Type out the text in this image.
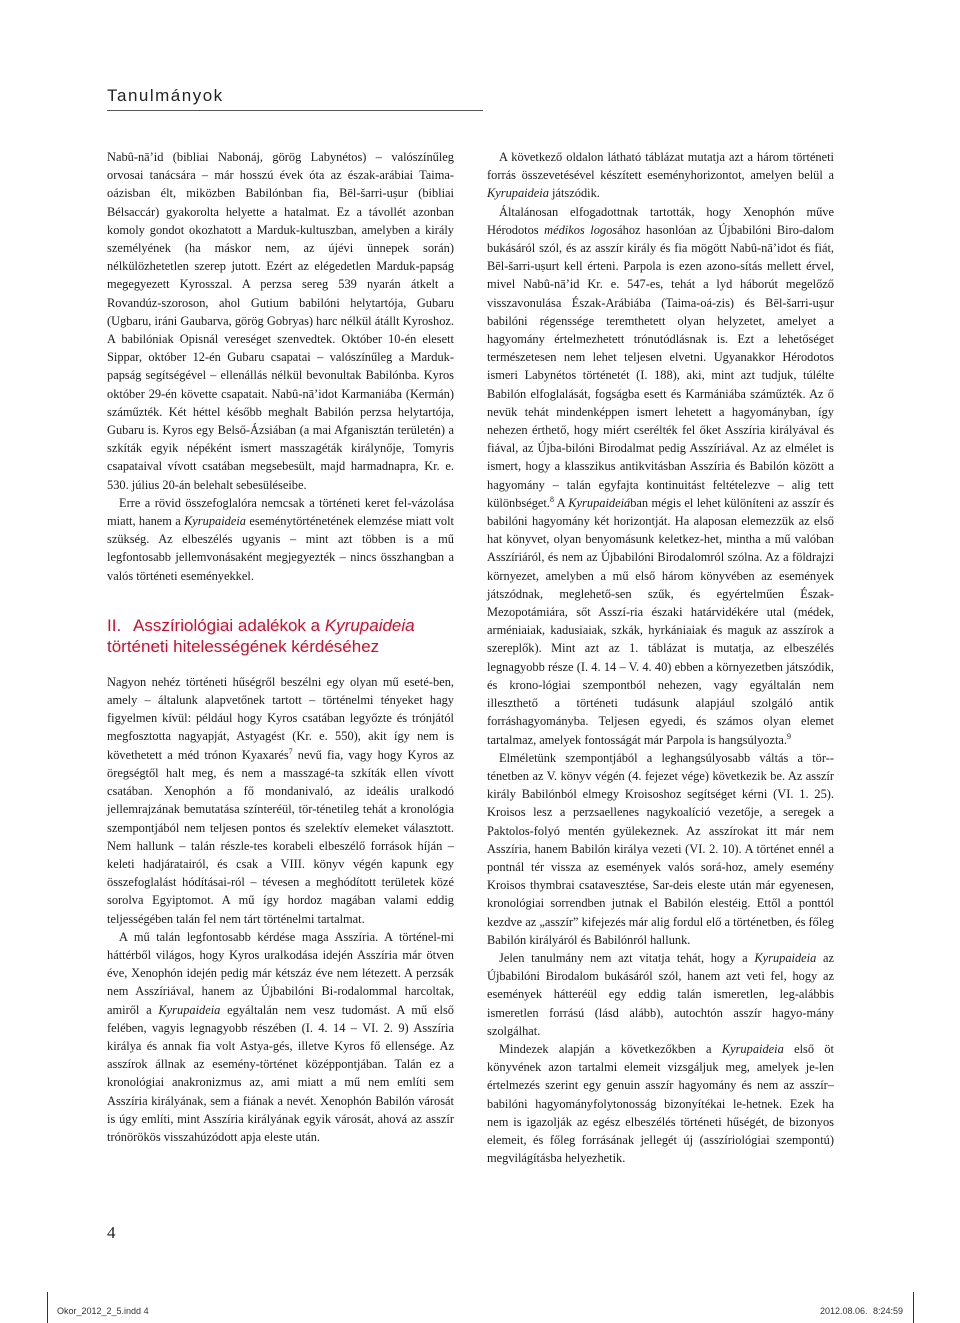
Tanulmányok

Nabû-nā’id (bibliai Nabonáj, görög Labynétos) – valószínűleg orvosai tanácsára – már hosszú évek óta az észak-arábiai Taima-oázisban élt, miközben Babilónban fia, Bēl-šarri-uṣur (bibliai Bélsaccár) gyakorolta helyette a hatalmat. Ez a távollét azonban komoly gondot okozhatott a Marduk-kultuszban, amelyben a király személyének (ha máskor nem, az újévi ünnepek során) nélkülözhetetlen szerep jutott. Ezért az elégedetlen Marduk-papság megegyezett Kyrosszal. A perzsa sereg 539 nyarán átkelt a Rovandúz-szoroson, ahol Gutium babilóni helytartója, Gubaru (Ugbaru, iráni Gaubarva, görög Gobryas) harc nélkül átállt Kyroshoz. A babilóniak Opisnál vereséget szenvedtek. Október 10-én elesett Sippar, október 12-én Gubaru csapatai – valószínűleg a Marduk-papság segítségével – ellenállás nélkül bevonultak Babilónba. Kyros október 29-én követte csapatait. Nabû-nā’idot Karmaniába (Kermán) száműzték. Két héttel később meghalt Babilón perzsa helytartója, Gubaru is. Kyros egy Belső-Ázsiában (a mai Afganisztán területén) a szkíták egyik népéként ismert masszagéták királynője, Tomyris csapataival vívott csatában megsebesült, majd harmadnapra, Kr. e. 530. július 20-án belehalt sebesüléseibe.

Erre a rövid összefoglalóra nemcsak a történeti keret fel-vázolása miatt, hanem a Kyrupaideia eseménytörténetének elemzése miatt volt szükség. Az elbeszélés ugyanis – mint azt többen is a mű legfontosabb jellemvonásaként megjegyezték – nincs összhangban a valós történeti eseményekkel.

II. Asszíriológiai adalékok a Kyrupaideia
történeti hitelességének kérdéséhez

Nagyon nehéz történeti hűségről beszélni egy olyan mű eseté-ben, amely – általunk alapvetőnek tartott – történelmi tényeket hagy figyelmen kívül: például hogy Kyros csatában legyőzte és trónjától megfosztotta nagyapját, Astyagést (Kr. e. 550), akit így nem is követhetett a méd trónon Kyaxarés$^7$ nevű fia, vagy hogy Kyros az öregségtől halt meg, és nem a masszagé-ta szkíták ellen vívott csatában. Xenophón a fő mondanivaló, az ideális uralkodó jellemrajzának bemutatása színteréül, tör-ténetileg tehát a kronológia szempontjából nem teljesen pontos és szelektív elemeket választott. Nem hallunk – talán részle-tes korabeli elbeszélő források híján – keleti hadjáratairól, és csak a VIII. könyv végén kapunk egy összefoglalást hódításai-ról – tévesen a meghódított területek közé sorolva Egyiptomot. A mű így hordoz magában valami eddig teljességében talán fel nem tárt történelmi tartalmat.

A mű talán legfontosabb kérdése maga Asszíria. A történel-mi háttérből világos, hogy Kyros uralkodása idején Asszíria már ötven éve, Xenophón idején pedig már kétszáz éve nem létezett. A perzsák nem Asszíriával, hanem az Újbabilóni Bi-rodalommal harcoltak, amiről a Kyrupaideia egyáltalán nem vesz tudomást. A mű első felében, vagyis legnagyobb részében (I. 4. 14 – VI. 2. 9) Asszíria királya és annak fia volt Astya-gés, illetve Kyros fő ellensége. Az asszírok állnak az esemény-történet középpontjában. Talán ez a kronológiai anakronizmus az, ami miatt a mű nem említi sem Asszíria királyának, sem a fiának a nevét. Xenophón Babilón városát is úgy említi, mint Asszíria királyának egyik városát, ahová az asszír trónörökös visszahúzódott apja eleste után.

A következő oldalon látható táblázat mutatja azt a három történeti forrás összevetésével készített eseményhorizontot, amelyen belül a Kyrupaideia játszódik.

Általánosan elfogadottnak tartották, hogy Xenophón műve Hérodotos médikos logosához hasonlóan az Újbabilóni Biro-dalom bukásáról szól, és az asszír király és fia mögött Nabû-nā’idot és fiát, Bēl-šarri-uṣurt kell érteni. Parpola is ezen azono-sítás mellett érvel, mivel Nabû-nā’id Kr. e. 547-es, tehát a lyd háborút megelőző visszavonulása Észak-Arábiába (Taima-oá-zis) és Bēl-šarri-uṣur babilóni régenssége teremthetett olyan helyzetet, amelyet a hagyomány értelmezhetett trónutódlásnak is. Ezt a lehetőséget természetesen nem lehet teljesen elvetni. Ugyanakkor Hérodotos ismeri Labynétos történetét (I. 188), aki, mint azt tudjuk, túlélte Babilón elfoglalását, fogságba esett és Karmániába száműzték. Az ő nevük tehát mindenképpen ismert lehetett a hagyományban, így nehezen érthető, hogy miért cserélték fel őket Asszíria királyával és fiával, az Újba-bilóni Birodalmat pedig Asszíriával. Az az elmélet is ismert, hogy a klasszikus antikvitásban Asszíria és Babilón között a hagyomány – talán egyfajta kontinuitást feltételezve – alig tett különbséget.$^8$ A Kyrupaideiában mégis el lehet különíteni az asszír és babilóni hagyomány két horizontját. Ha alaposan elemezzük az első hat könyvet, olyan benyomásunk keletkez-het, mintha a mű valóban Asszíriáról, és nem az Újbabilóni Birodalomról szólna. Az a földrajzi környezet, amelyben a mű első három könyvében az események játszódnak, meglehető-sen szűk, és egyértelműen Észak-Mezopotámiára, sőt Asszí-ria északi határvidékére utal (médek, arméniaiak, kadusiaiak, szkák, hyrkániaiak és maguk az asszírok a szereplők). Mint azt az 1. táblázat is mutatja, az elbeszélés legnagyobb része (I. 4. 14 – V. 4. 40) ebben a környezetben játszódik, és krono-lógiai szempontból nehezen, vagy egyáltalán nem illeszthető a történeti tudásunk alapjául szolgáló antik forráshagyományba. Teljesen egyedi, és számos olyan elemet tartalmaz, amelyek fontosságát már Parpola is hangsúlyozta.$^9$

Elméletünk szempontjából a leghangsúlyosabb váltás a tör-ténetben az V. könyv végén (4. fejezet vége) következik be. Az asszír király Babilónból elmegy Kroisoshoz segítséget kérni (VI. 1. 25). Kroisos lesz a perzsaellenes nagykoalíció vezetője, a seregek a Paktolos-folyó mentén gyülekeznek. Az asszírokat itt már nem Asszíria, hanem Babilón királya vezeti (VI. 2. 10). A történet ennél a pontnál tér vissza az események valós sorá-hoz, amely esemény Kroisos thymbrai csatavesztése, Sar-deis eleste után már egyenesen, kronológiai sorrendben jutnak el Babilón elestéig. Ettől a ponttól kezdve az „asszír” kifejezés már alig fordul elő a történetben, és főleg Babilón királyáról és Babilónról hallunk.

Jelen tanulmány nem azt vitatja tehát, hogy a Kyrupaideia az Újbabilóni Birodalom bukásáról szól, hanem azt veti fel, hogy az események hátteréül egy eddig talán ismeretlen, leg-alábbis ismeretlen forrású (lásd alább), autochtón asszír hagyo-mány szolgálhat.

Mindezek alapján a következőkben a Kyrupaideia első öt könyvének azon tartalmi elemeit vizsgáljuk meg, amelyek je-len értelmezés szerint egy genuin asszír hagyomány és nem az asszír–babilóni hagyományfolytonosság bizonyítékai le-hetnek. Ezek ha nem is igazolják az egész elbeszélés történeti hűségét, de bizonyos elemeit, és főleg forrásának jellegét új (asszíriológiai szempontú) megvilágításba helyezhetik.

4
Okor_2012_2_5.indd 4	2012.08.06. 8:24:59
